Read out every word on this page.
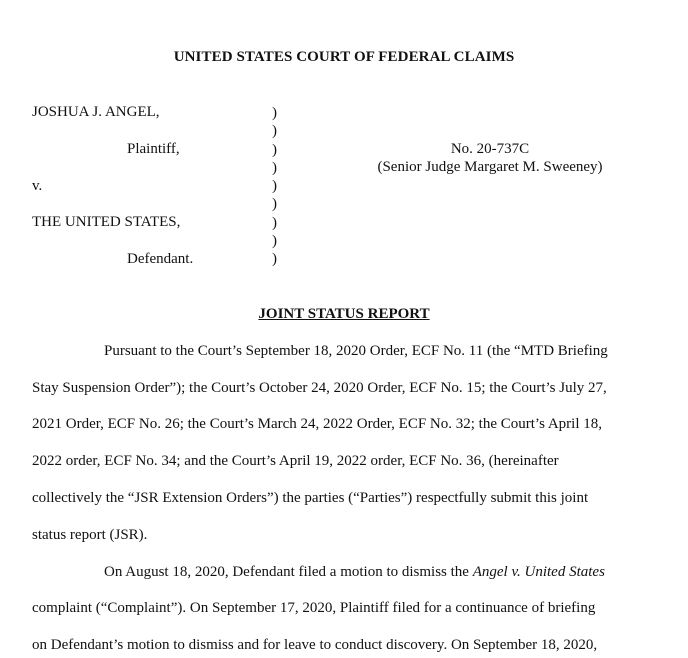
UNITED STATES COURT OF FEDERAL CLAIMS
JOSHUA J. ANGEL,
Plaintiff,
v.
THE UNITED STATES,
Defendant.
)
)
)
)
)
)
)
)
)
No. 20-737C
(Senior Judge Margaret M. Sweeney)
JOINT STATUS REPORT
Pursuant to the Court’s September 18, 2020 Order, ECF No. 11 (the “MTD Briefing
Stay Suspension Order”); the Court’s October 24, 2020 Order, ECF No. 15; the Court’s July 27,
2021 Order, ECF No. 26; the Court’s March 24, 2022 Order, ECF No. 32; the Court’s April 18,
2022 order, ECF No. 34; and the Court’s April 19, 2022 order, ECF No. 36, (hereinafter
collectively the “JSR Extension Orders”) the parties (“Parties”) respectfully submit this joint
status report (JSR).
On August 18, 2020, Defendant filed a motion to dismiss the Angel v. United States
complaint (“Complaint”). On September 17, 2020, Plaintiff filed for a continuance of briefing
on Defendant’s motion to dismiss and for leave to conduct discovery. On September 18, 2020,
